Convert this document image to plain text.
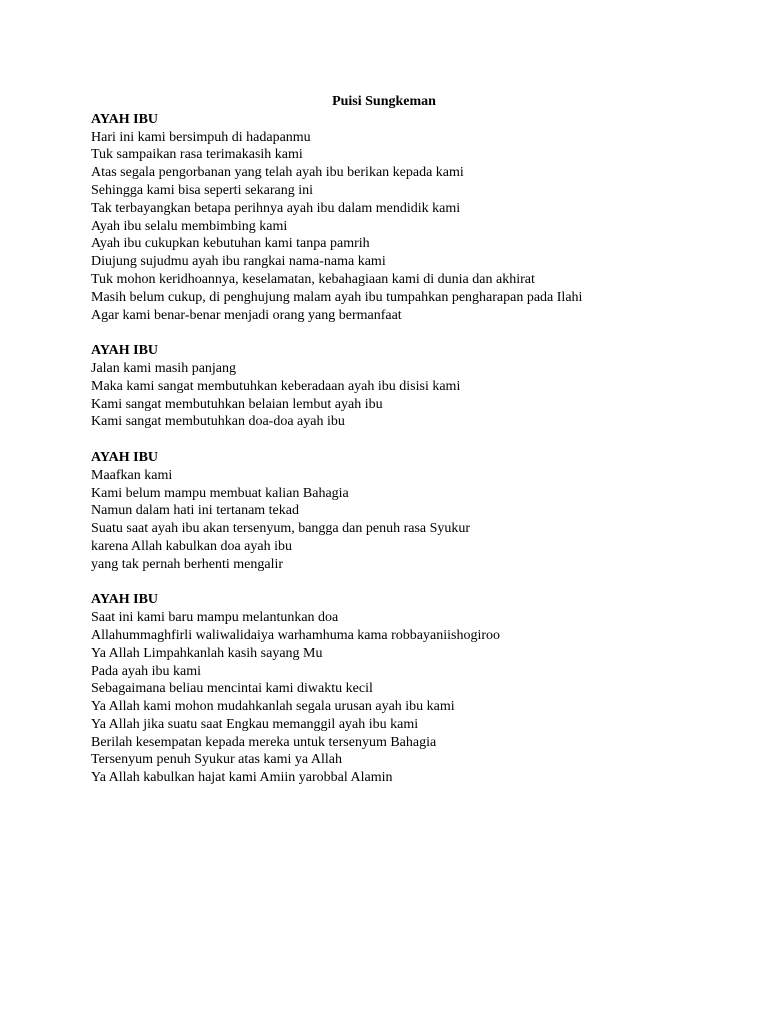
Puisi Sungkeman
AYAH IBU
Hari ini kami bersimpuh di hadapanmu
Tuk sampaikan rasa terimakasih kami
Atas segala pengorbanan yang telah ayah ibu berikan kepada kami
Sehingga kami bisa seperti sekarang ini
Tak terbayangkan betapa perihnya ayah ibu dalam mendidik kami
Ayah ibu selalu membimbing kami
Ayah ibu cukupkan kebutuhan kami tanpa pamrih
Diujung sujudmu ayah ibu rangkai nama-nama kami
Tuk mohon keridhoannya, keselamatan, kebahagiaan kami di dunia dan akhirat
Masih belum cukup, di penghujung malam ayah ibu tumpahkan pengharapan pada Ilahi
Agar kami benar-benar menjadi orang yang bermanfaat
AYAH IBU
Jalan kami masih panjang
Maka kami sangat membutuhkan keberadaan ayah ibu disisi kami
Kami sangat membutuhkan belaian lembut ayah ibu
Kami sangat membutuhkan doa-doa ayah ibu
AYAH IBU
Maafkan kami
Kami belum mampu membuat kalian Bahagia
Namun dalam hati ini tertanam tekad
Suatu saat ayah ibu akan tersenyum, bangga dan penuh rasa Syukur
karena Allah kabulkan doa ayah ibu
yang tak pernah berhenti mengalir
AYAH IBU
Saat ini kami baru mampu melantunkan doa
Allahummaghfirli waliwalidaiya warhamhuma kama robbayaniishogiroo
Ya Allah Limpahkanlah kasih sayang Mu
Pada ayah ibu kami
Sebagaimana beliau mencintai kami diwaktu kecil
Ya Allah kami mohon mudahkanlah segala urusan ayah ibu kami
Ya Allah jika suatu saat Engkau memanggil ayah ibu kami
Berilah kesempatan kepada mereka untuk tersenyum Bahagia
Tersenyum penuh Syukur atas kami ya Allah
Ya Allah kabulkan hajat kami Amiin yarobbal Alamin
